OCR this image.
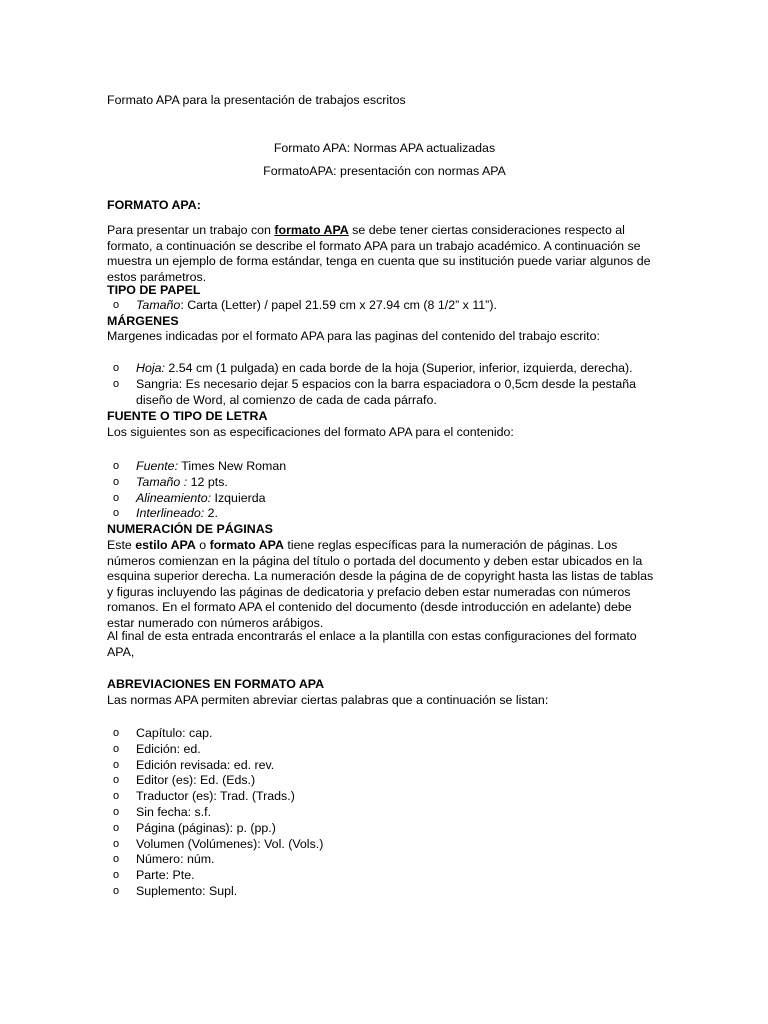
Formato APA para la presentación de trabajos escritos
Formato APA: Normas APA actualizadas
FormatoAPA: presentación con normas APA
FORMATO APA:

Para presentar un trabajo con formato APA se debe tener ciertas consideraciones respecto al formato, a continuación se describe el formato APA para un trabajo académico. A continuación se muestra un ejemplo de forma estándar, tenga en cuenta que su institución puede variar algunos de estos parámetros.

TIPO DE PAPEL
o Tamaño: Carta (Letter) / papel 21.59 cm x 27.94 cm (8 1/2” x 11”).
MÁRGENES
Margenes indicadas por el formato APA para las paginas del contenido del trabajo escrito:
o Hoja: 2.54 cm (1 pulgada) en cada borde de la hoja (Superior, inferior, izquierda, derecha).
o Sangria: Es necesario dejar 5 espacios con la barra espaciadora o 0,5cm desde la pestaña diseño de Word, al comienzo de cada de cada párrafo.
FUENTE O TIPO DE LETRA
Los siguientes son as especificaciones del formato APA para el contenido:
o Fuente: Times New Roman
o Tamaño : 12 pts.
o Alineamiento: Izquierda
o Interlineado: 2.
NUMERACIÓN DE PÁGINAS

Este estilo APA o formato APA tiene reglas específicas para la numeración de páginas. Los números comienzan en la página del título o portada del documento y deben estar ubicados en la esquina superior derecha. La numeración desde la página de de copyright hasta las listas de tablas y figuras incluyendo las páginas de dedicatoria y prefacio deben estar numeradas con números romanos. En el formato APA el contenido del documento (desde introducción en adelante) debe estar numerado con números arábigos.

Al final de esta entrada encontrarás el enlace a la plantilla con estas configuraciones del formato APA,

ABREVIACIONES EN FORMATO APA
Las normas APA permiten abreviar ciertas palabras que a continuación se listan:
o Capítulo: cap.
o Edición: ed.
o Edición revisada: ed. rev.
o Editor (es): Ed. (Eds.)
o Traductor (es): Trad. (Trads.)
o Sin fecha: s.f.
o Página (páginas): p. (pp.)
o Volumen (Volúmenes): Vol. (Vols.)
o Número: núm.
o Parte: Pte.
o Suplemento: Supl.
